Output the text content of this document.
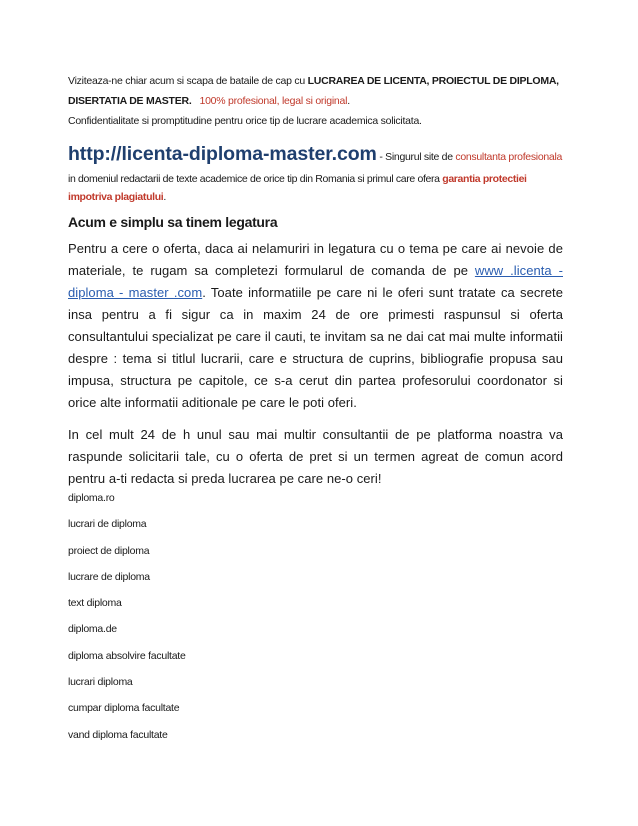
Viziteaza-ne chiar acum si scapa de bataile de cap cu LUCRAREA DE LICENTA, PROIECTUL DE DIPLOMA, DISERTATIA DE MASTER. 100% profesional, legal si original.
Confidentialitate si promptitudine pentru orice tip de lucrare academica solicitata.
http://licenta-diploma-master.com - Singurul site de consultanta profesionala
in domeniul redactarii de texte academice de orice tip din Romania si primul care ofera garantia protectiei impotriva plagiatului.
Acum e simplu sa tinem legatura
Pentru a cere o oferta, daca ai nelamuriri in legatura cu o tema pe care ai nevoie de materiale, te rugam sa completezi formularul de comanda de pe www .licenta - diploma - master .com. Toate informatiile pe care ni le oferi sunt tratate ca secrete insa pentru a fi sigur ca in maxim 24 de ore primesti raspunsul si oferta consultantului specializat pe care il cauti, te invitam sa ne dai cat mai multe informatii despre : tema si titlul lucrarii, care e structura de cuprins, bibliografie propusa sau impusa, structura pe capitole, ce s-a cerut din partea profesorului coordonator si orice alte informatii aditionale pe care le poti oferi.
In cel mult 24 de h unul sau mai multir consultantii de pe platforma noastra va raspunde solicitarii tale, cu o oferta de pret si un termen agreat de comun acord pentru a-ti redacta si preda lucrarea pe care ne-o ceri!
diploma.ro
lucrari de diploma
proiect de diploma
lucrare de diploma
text diploma
diploma.de
diploma absolvire facultate
lucrari diploma
cumpar diploma facultate
vand diploma facultate
